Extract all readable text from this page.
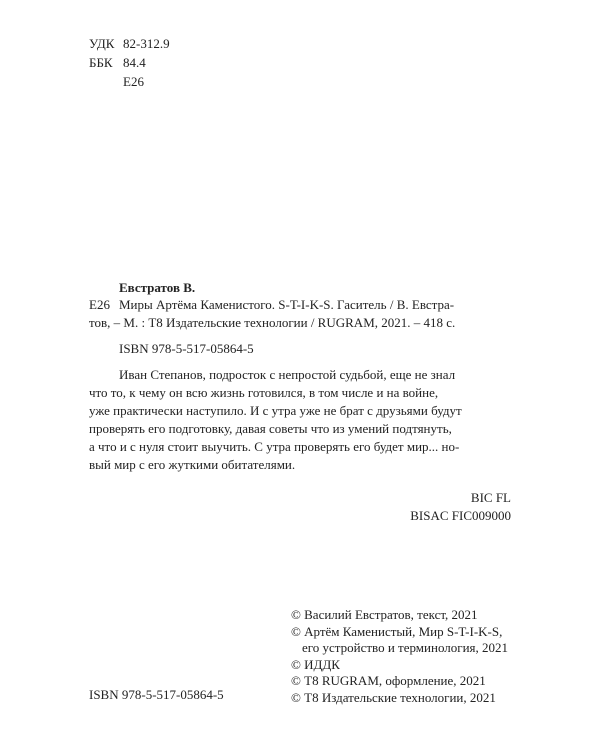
УДК 82-312.9
ББК 84.4
Е26
Евстратов В.
Е26 Миры Артёма Каменистого. S-T-I-K-S. Гаситель / В. Евстра-
тов, – М. : Т8 Издательские технологии / RUGRAM, 2021. – 418 с.
ISBN 978-5-517-05864-5
Иван Степанов, подросток с непростой судьбой, еще не знал
что то, к чему он всю жизнь готовился, в том числе и на войне,
уже практически наступило. И с утра уже не брат с друзьями будут
проверять его подготовку, давая советы что из умений подтянуть,
а что и с нуля стоит выучить. С утра проверять его будет мир... но-
вый мир с его жуткими обитателями.
BIC FL
BISAC FIC009000
ISBN 978-5-517-05864-5
© Василий Евстратов, текст, 2021
© Артём Каменистый, Мир S-T-I-K-S,
его устройство и терминология, 2021
© ИДДК
© Т8 RUGRAM, оформление, 2021
© Т8 Издательские технологии, 2021
